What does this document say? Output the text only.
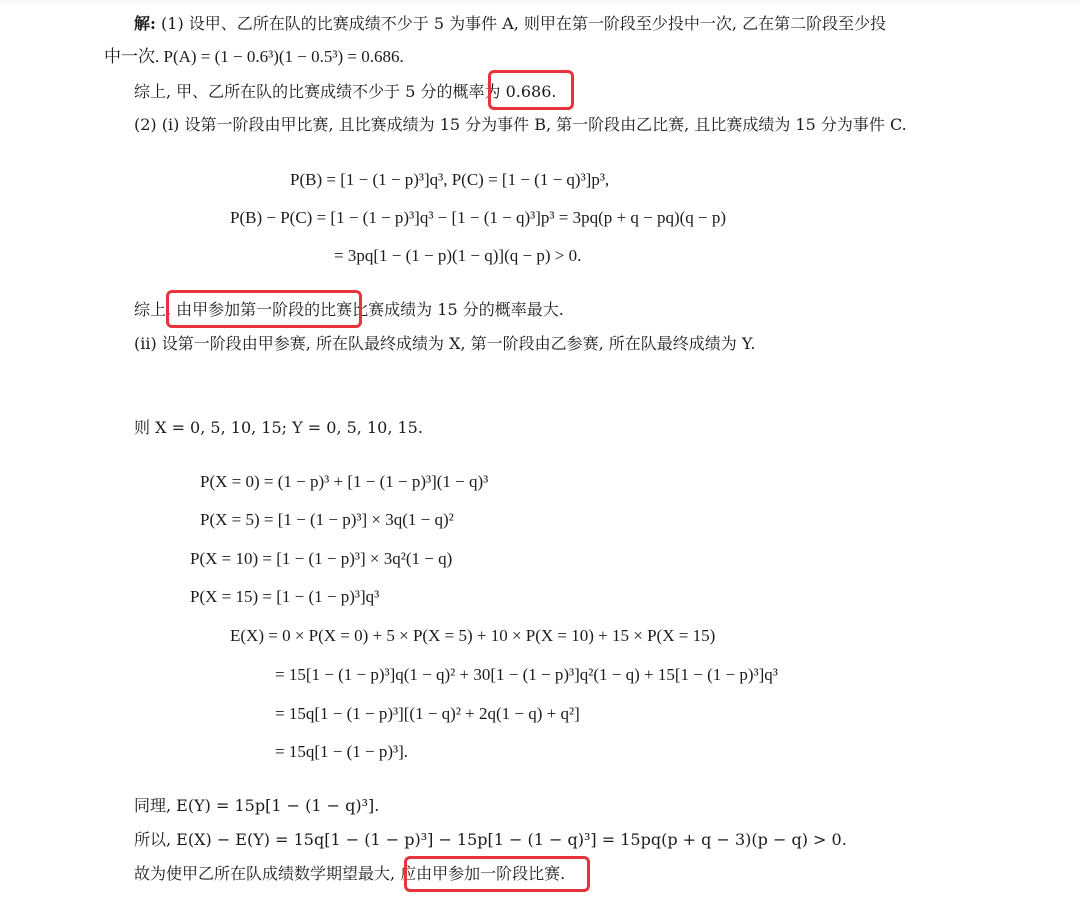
解: (1) 设甲、乙所在队的比赛成绩不少于 5 为事件 A, 则甲在第一阶段至少投中一次, 乙在第二阶段至少投
中一次. P(A) = (1 − 0.6³)(1 − 0.5³) = 0.686.
综上, 甲、乙所在队的比赛成绩不少于 5 分的概率为 0.686.
(2) (i) 设第一阶段由甲比赛, 且比赛成绩为 15 分为事件 B, 第一阶段由乙比赛, 且比赛成绩为 15 分为事件 C.
P(B) = [1 − (1 − p)³]q³, P(C) = [1 − (1 − q)³]p³,
P(B) − P(C) = [1 − (1 − p)³]q³ − [1 − (1 − q)³]p³ = 3pq(p + q − pq)(q − p)
= 3pq[1 − (1 − p)(1 − q)](q − p) > 0.
综上, 由甲参加第一阶段的比赛比赛成绩为 15 分的概率最大.
(ii) 设第一阶段由甲参赛, 所在队最终成绩为 X, 第一阶段由乙参赛, 所在队最终成绩为 Y.
则 X = 0, 5, 10, 15; Y = 0, 5, 10, 15.
P(X = 0) = (1 − p)³ + [1 − (1 − p)³](1 − q)³
P(X = 5) = [1 − (1 − p)³] × 3q(1 − q)²
P(X = 10) = [1 − (1 − p)³] × 3q²(1 − q)
P(X = 15) = [1 − (1 − p)³]q³
E(X) = 0 × P(X = 0) + 5 × P(X = 5) + 10 × P(X = 10) + 15 × P(X = 15)
= 15[1 − (1 − p)³]q(1 − q)² + 30[1 − (1 − p)³]q²(1 − q) + 15[1 − (1 − p)³]q³
= 15q[1 − (1 − p)³][(1 − q)² + 2q(1 − q) + q²]
= 15q[1 − (1 − p)³].
同理, E(Y) = 15p[1 − (1 − q)³].
所以, E(X) − E(Y) = 15q[1 − (1 − p)³] − 15p[1 − (1 − q)³] = 15pq(p + q − 3)(p − q) > 0.
故为使甲乙所在队成绩数学期望最大, 应由甲参加一阶段比赛.
